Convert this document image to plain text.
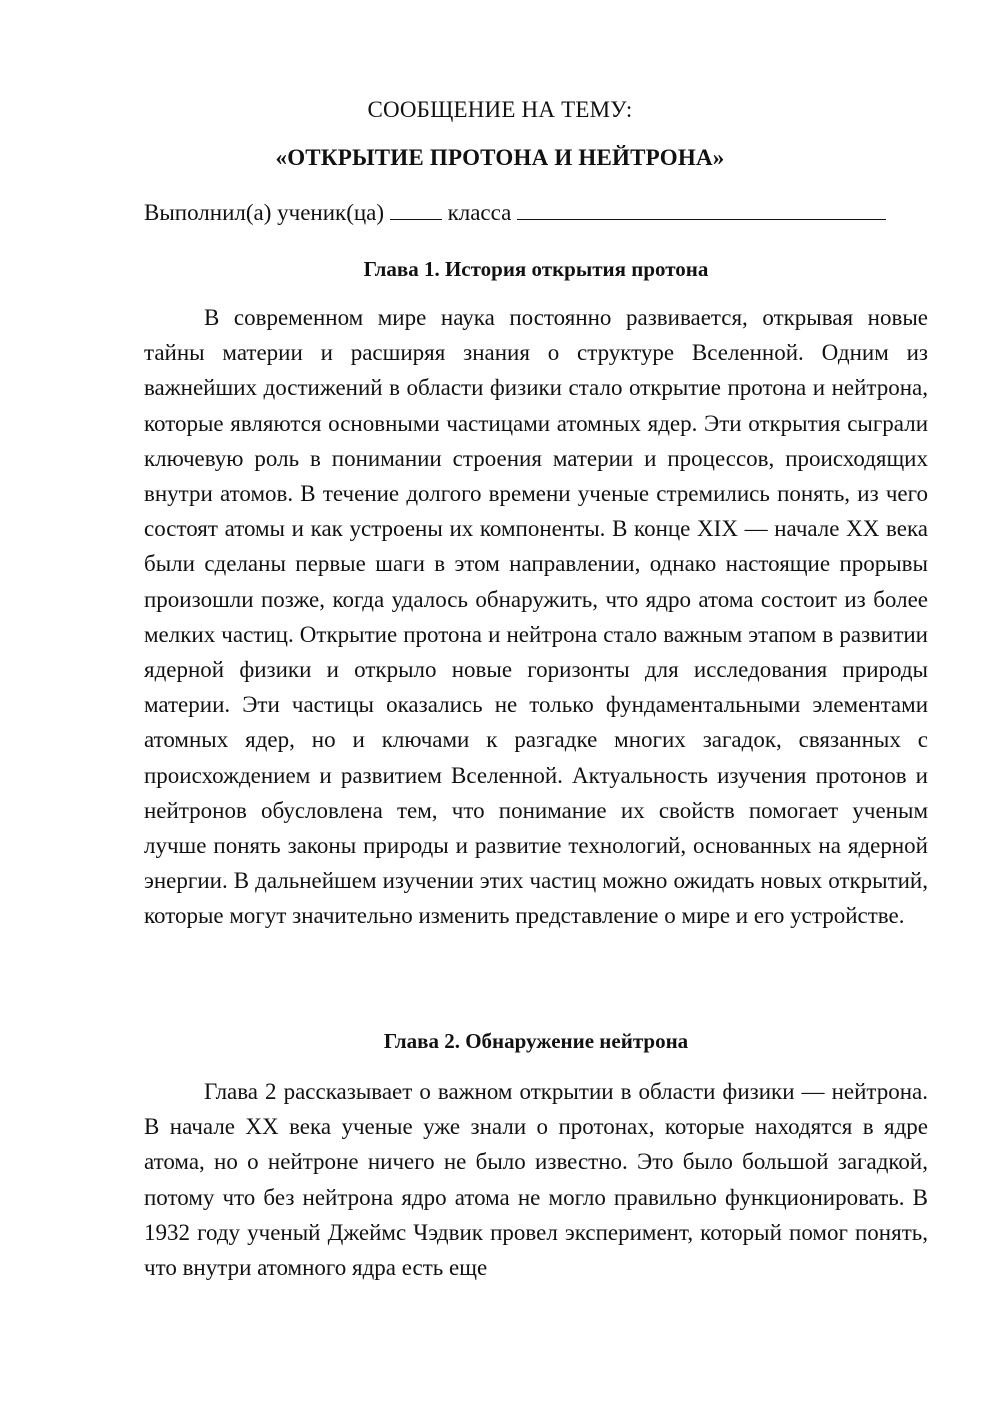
СООБЩЕНИЕ НА ТЕМУ:

«ОТКРЫТИЕ ПРОТОНА И НЕЙТРОНА»

Выполнил(а) ученик(ца)	класса
Глава 1. История открытия протона

В современном мире наука постоянно развивается, открывая новые тайны материи и расширяя знания о структуре Вселенной. Одним из важнейших достижений в области физики стало открытие протона и нейтрона, которые являются основными частицами атомных ядер. Эти открытия сыграли ключевую роль в понимании строения материи и процессов, происходящих внутри атомов. В течение долгого времени ученые стремились понять, из чего состоят атомы и как устроены их компоненты. В конце XIX — начале XX века были сделаны первые шаги в этом направлении, однако настоящие прорывы произошли позже, когда удалось обнаружить, что ядро атома состоит из более мелких частиц. Открытие протона и нейтрона стало важным этапом в развитии ядерной физики и открыло новые горизонты для исследования природы материи. Эти частицы оказались не только фундаментальными элементами атомных ядер, но и ключами к разгадке многих загадок, связанных с происхождением и развитием Вселенной. Актуальность изучения протонов и нейтронов обусловлена тем, что понимание их свойств помогает ученым лучше понять законы природы и развитие технологий, основанных на ядерной энергии. В дальнейшем изучении этих частиц можно ожидать новых открытий, которые могут значительно изменить представление о мире и его устройстве.

Глава 2. Обнаружение нейтрона

Глава 2 рассказывает о важном открытии в области физики — нейтрона. В начале XX века ученые уже знали о протонах, которые находятся в ядре атома, но о нейтроне ничего не было известно. Это было большой загадкой, потому что без нейтрона ядро атома не могло правильно функционировать. В 1932 году ученый Джеймс Чэдвик провел эксперимент, который помог понять, что внутри атомного ядра есть еще
